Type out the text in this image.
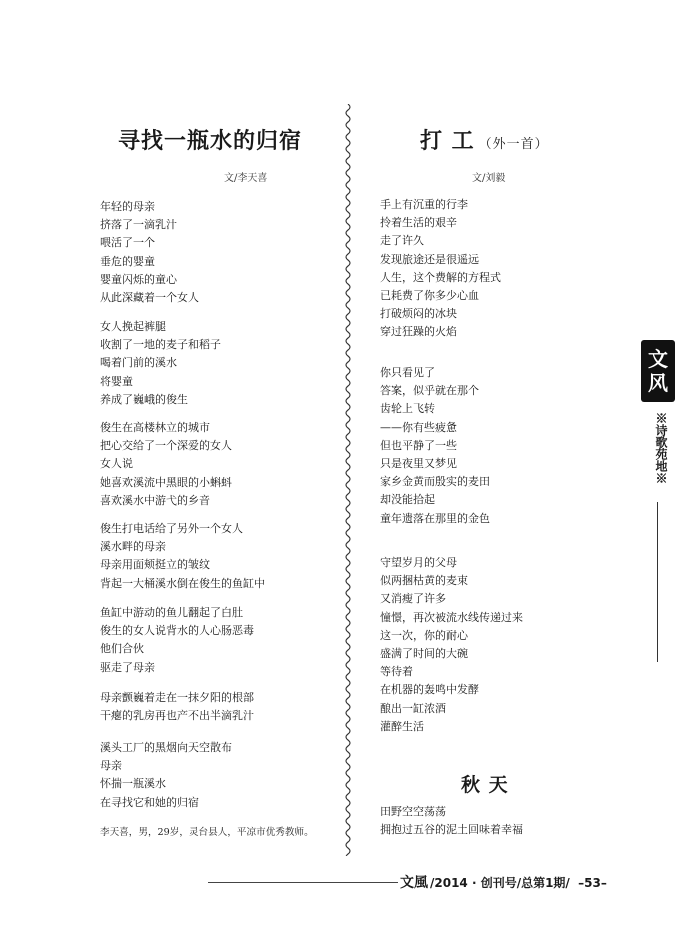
寻找一瓶水的归宿
文/李天喜
年轻的母亲
挤落了一滴乳汁
喂活了一个
垂危的婴童
婴童闪烁的童心
从此深藏着一个女人
女人挽起裤腿
收割了一地的麦子和稻子
喝着门前的溪水
将婴童
养成了巍峨的俊生
俊生在高楼林立的城市
把心交给了一个深爱的女人
女人说
她喜欢溪流中黑眼的小蝌蚪
喜欢溪水中游弋的乡音
俊生打电话给了另外一个女人
溪水畔的母亲
母亲用面颊挺立的皱纹
背起一大桶溪水倒在俊生的鱼缸中
鱼缸中游动的鱼儿翻起了白肚
俊生的女人说背水的人心肠恶毒
他们合伙
驱走了母亲
母亲颤巍着走在一抹夕阳的根部
干瘪的乳房再也产不出半滴乳汁
溪头工厂的黑烟向天空散布
母亲
怀揣一瓶溪水
在寻找它和她的归宿
李天喜，男，29岁，灵台县人，平凉市优秀教师。
打 工 （外一首）
文/刘毅
手上有沉重的行李
拎着生活的艰辛
走了许久
发现旅途还是很遥远
人生，这个费解的方程式
已耗费了你多少心血
打破烦闷的冰块
穿过狂躁的火焰
你只看见了
答案，似乎就在那个
齿轮上飞转
——你有些疲惫
但也平静了一些
只是夜里又梦见
家乡金黄而殷实的麦田
却没能拾起
童年遗落在那里的金色
守望岁月的父母
似两捆枯黄的麦束
又消瘦了许多
憧憬，再次被流水线传递过来
这一次，你的耐心
盛满了时间的大碗
等待着
在机器的轰鸣中发酵
酿出一缸浓酒
灌醉生活
秋 天
田野空空荡荡
拥抱过五谷的泥土回味着幸福
文
风
※诗歌苑地※
文風 /2014 · 创刊号/总第1期/ –53–
